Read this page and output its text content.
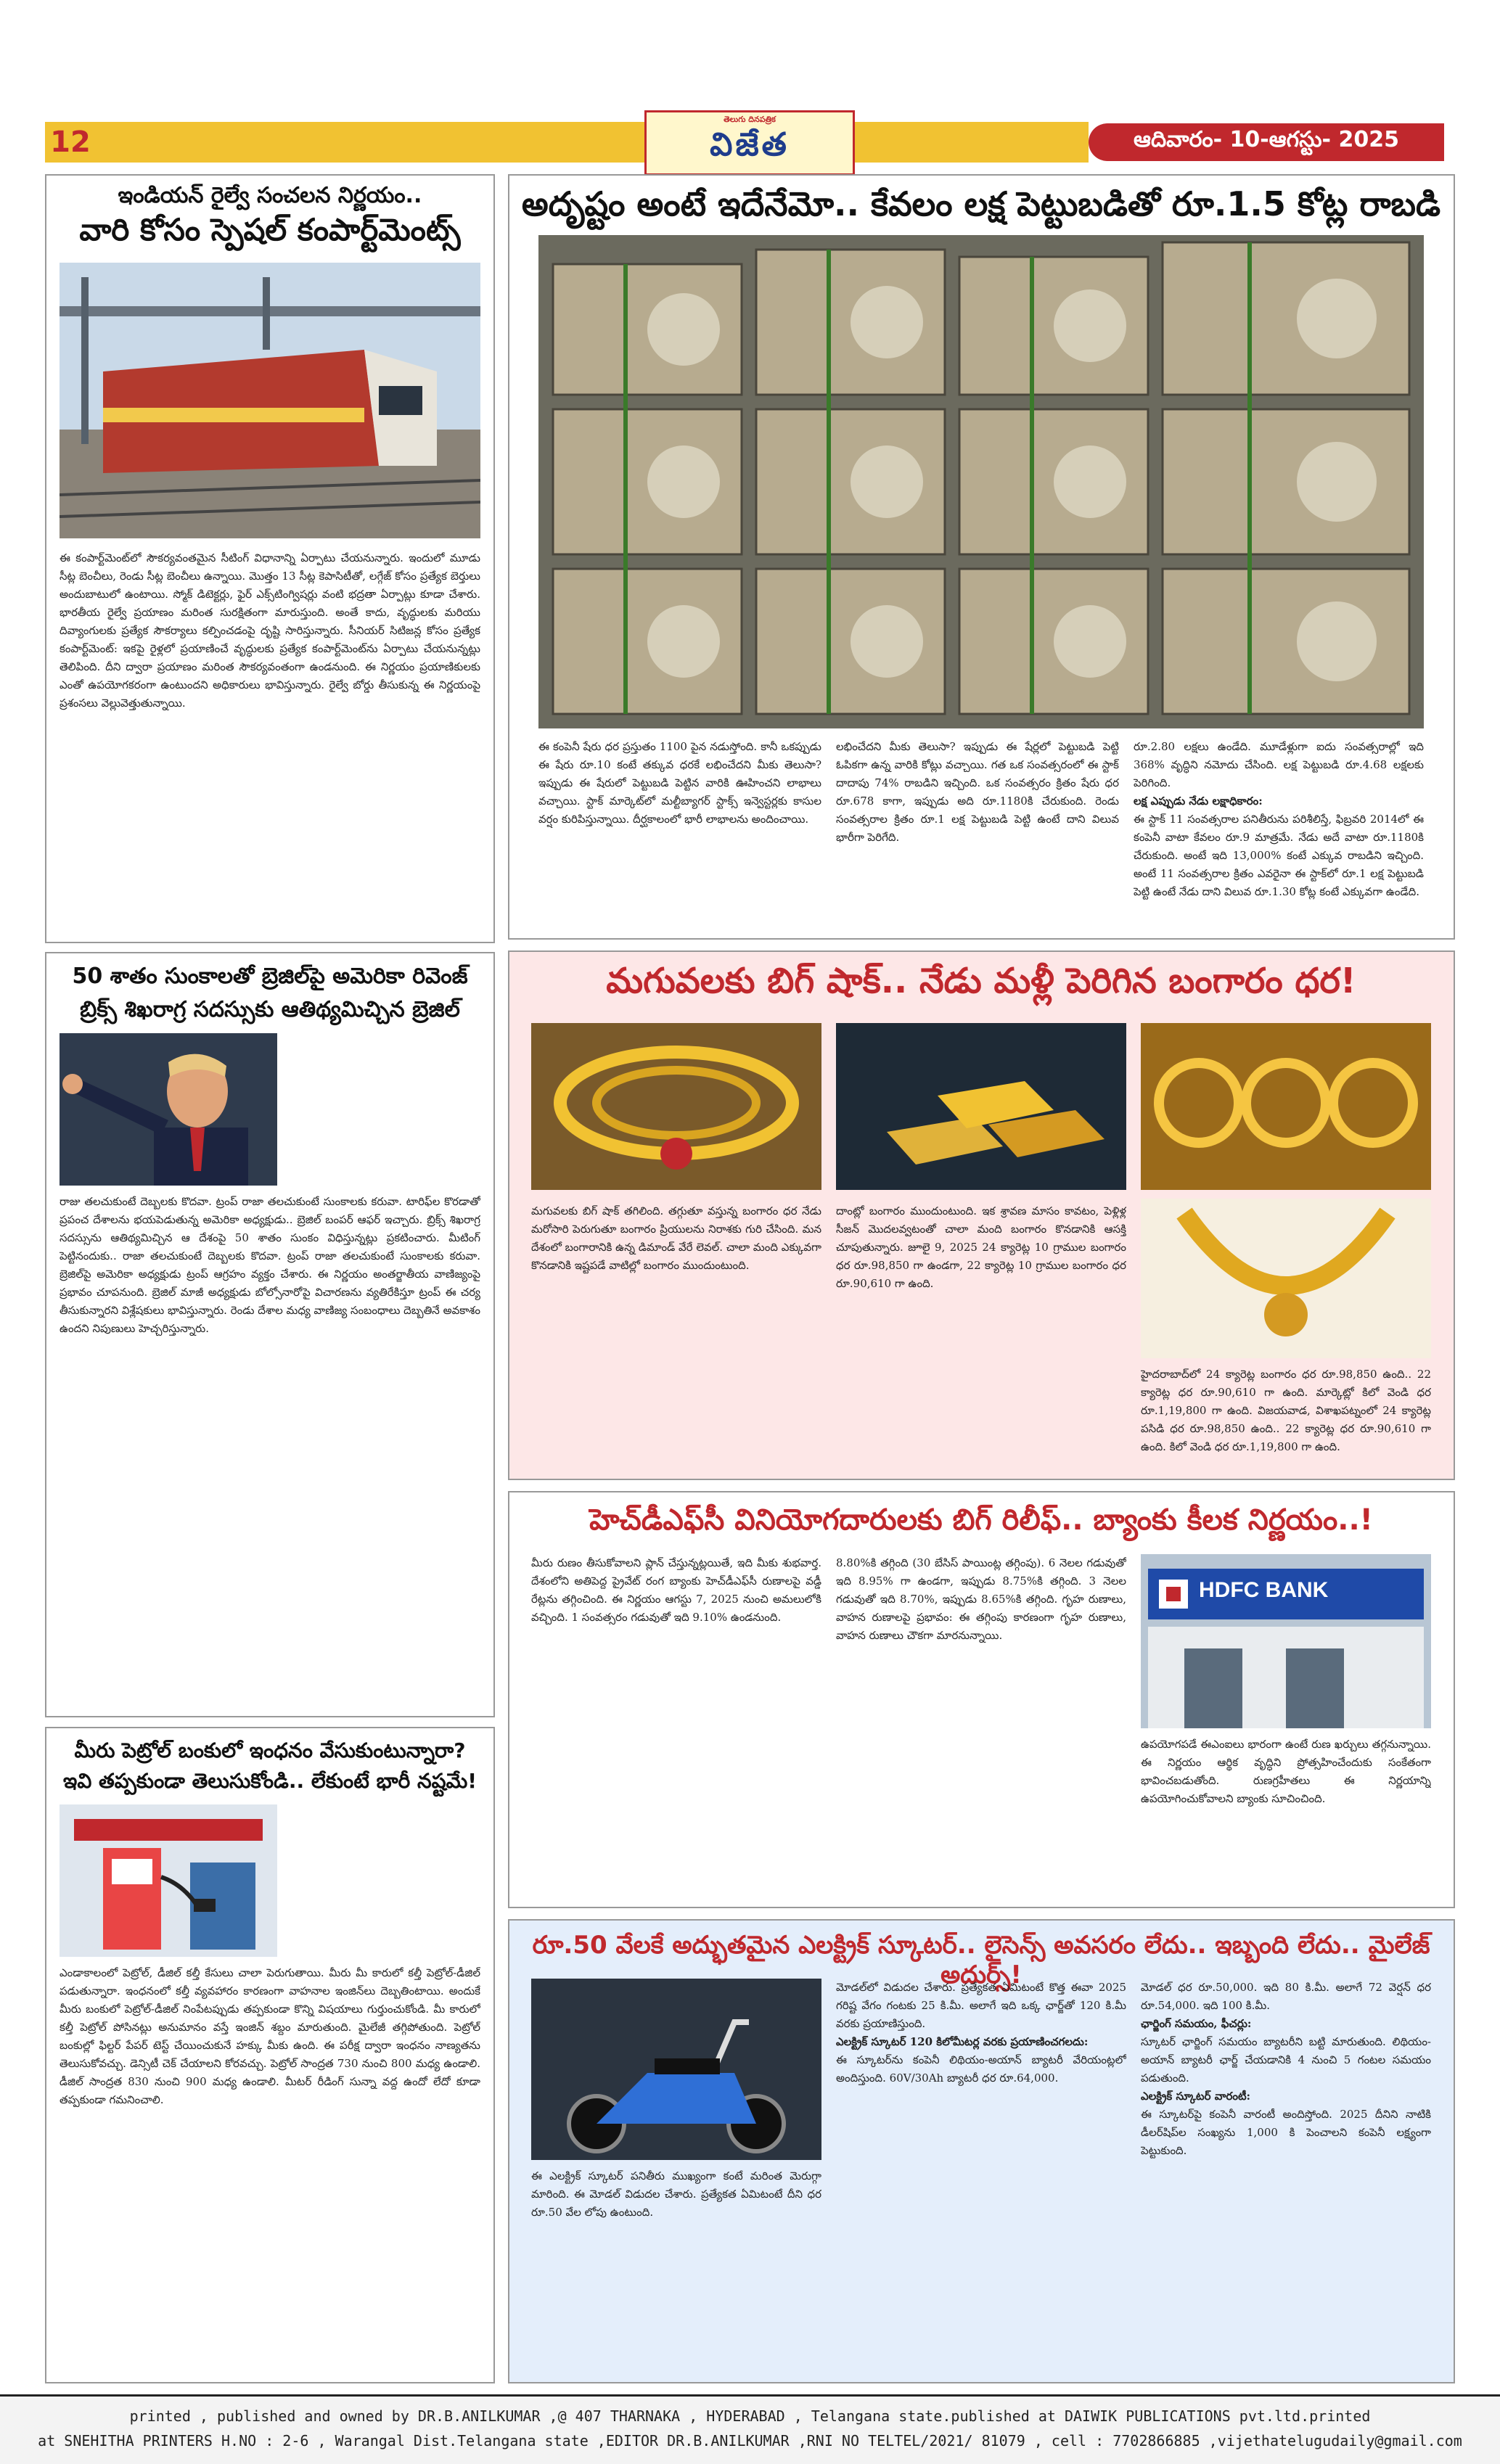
12
తెలుగు దినపత్రిక
విజేత	ఆదివారం- 10-ఆగస్టు- 2025
ఇండియన్ రైల్వే సంచలన నిర్ణయం..
వారి కోసం స్పెషల్ కంపార్ట్‌మెంట్స్
ఈ కంపార్ట్‌మెంట్‌లో సౌకర్యవంతమైన సీటింగ్ విధానాన్ని ఏర్పాటు చేయనున్నారు. ఇందులో మూడు సీట్ల బెంచీలు, రెండు సీట్ల బెంచీలు ఉన్నాయి. మొత్తం 13 సీట్ల కెపాసిటీతో, లగ్గేజ్ కోసం ప్రత్యేక బెర్తులు అందుబాటులో ఉంటాయి. స్మోక్ డిటెక్టర్లు, ఫైర్ ఎక్స్‌టింగ్విషర్లు వంటి భద్రతా ఏర్పాట్లు కూడా చేశారు. భారతీయ రైల్వే ప్రయాణం మరింత సురక్షితంగా మారుస్తుంది. అంతే కాదు, వృద్ధులకు మరియు దివ్యాంగులకు ప్రత్యేక సౌకర్యాలు కల్పించడంపై దృష్టి సారిస్తున్నారు. సీనియర్ సిటిజన్ల కోసం ప్రత్యేక కంపార్ట్‌మెంట్: ఇకపై రైళ్లలో ప్రయాణించే వృద్ధులకు ప్రత్యేక కంపార్ట్‌మెంట్‌ను ఏర్పాటు చేయనున్నట్లు తెలిపింది. దీని ద్వారా ప్రయాణం మరింత సౌకర్యవంతంగా ఉండనుంది. ఈ నిర్ణయం ప్రయాణికులకు ఎంతో ఉపయోగకరంగా ఉంటుందని అధికారులు భావిస్తున్నారు. రైల్వే బోర్డు తీసుకున్న ఈ నిర్ణయంపై ప్రశంసలు వెల్లువెత్తుతున్నాయి.
50 శాతం సుంకాలతో బ్రెజిల్‌పై అమెరికా రివెంజ్
బ్రిక్స్ శిఖరాగ్ర సదస్సుకు ఆతిథ్యమిచ్చిన బ్రెజిల్
రాజు తలచుకుంటే దెబ్బలకు కొదవా. ట్రంప్ రాజా తలచుకుంటే సుంకాలకు కరువా. టారిఫ్‌ల కొరడాతో ప్రపంచ దేశాలను భయపెడుతున్న అమెరికా అధ్యక్షుడు.. బ్రెజిల్ బంపర్‌ ఆఫర్ ఇచ్చారు. బ్రిక్స్ శిఖరాగ్ర సదస్సును ఆతిథ్యమిచ్చిన ఆ దేశంపై 50 శాతం సుంకం విధిస్తున్నట్లు ప్రకటించారు. మీటింగ్ పెట్టినందుకు.. రాజా తలచుకుంటే దెబ్బలకు కొదవా. ట్రంప్ రాజా తలచుకుంటే సుంకాలకు కరువా. బ్రెజిల్‌పై అమెరికా అధ్యక్షుడు ట్రంప్ ఆగ్రహం వ్యక్తం చేశారు. ఈ నిర్ణయం అంతర్జాతీయ వాణిజ్యంపై ప్రభావం చూపనుంది. బ్రెజిల్ మాజీ అధ్యక్షుడు బోల్సోనారోపై విచారణను వ్యతిరేకిస్తూ ట్రంప్ ఈ చర్య తీసుకున్నారని విశ్లేషకులు భావిస్తున్నారు. రెండు దేశాల మధ్య వాణిజ్య సంబంధాలు దెబ్బతినే అవకాశం ఉందని నిపుణులు హెచ్చరిస్తున్నారు.
మీరు పెట్రోల్ బంకులో ఇంధనం వేసుకుంటున్నారా?
ఇవి తప్పకుండా తెలుసుకోండి.. లేకుంటే భారీ నష్టమే!
ఎండాకాలంలో పెట్రోల్, డీజిల్ కల్తీ కేసులు చాలా పెరుగుతాయి. మీరు మీ కారులో కల్తీ పెట్రోల్-డీజిల్ పడుతున్నారా. ఇంధనంలో కల్తీ వ్యవహారం కారణంగా వాహనాల ఇంజిన్‌లు దెబ్బతింటాయి. అందుకే మీరు బంకులో పెట్రోల్-డీజిల్ నింపేటప్పుడు తప్పకుండా కొన్ని విషయాలు గుర్తుంచుకోండి. మీ కారులో కల్తీ పెట్రోల్ పోసినట్లు అనుమానం వస్తే ఇంజిన్ శబ్దం మారుతుంది. మైలేజీ తగ్గిపోతుంది. పెట్రోల్ బంకుల్లో ఫిల్టర్ పేపర్ టెస్ట్ చేయించుకునే హక్కు మీకు ఉంది. ఈ పరీక్ష ద్వారా ఇంధనం నాణ్యతను తెలుసుకోవచ్చు. డెన్సిటీ చెక్ చేయాలని కోరవచ్చు. పెట్రోల్ సాంద్రత 730 నుంచి 800 మధ్య ఉండాలి. డీజిల్ సాంద్రత 830 నుంచి 900 మధ్య ఉండాలి. మీటర్ రీడింగ్ సున్నా వద్ద ఉందో లేదో కూడా తప్పకుండా గమనించాలి.
అదృష్టం అంటే ఇదేనేమో.. కేవలం లక్ష పెట్టుబడితో రూ.1.5 కోట్ల రాబడి
ఈ కంపెనీ షేరు ధర ప్రస్తుతం 1100 పైన నడుస్తోంది. కానీ ఒకప్పుడు ఈ షేరు రూ.10 కంటే తక్కువ ధరకే లభించేదని మీకు తెలుసా? ఇప్పుడు ఈ షేరులో పెట్టుబడి పెట్టిన వారికి ఊహించని లాభాలు వచ్చాయి. స్టాక్ మార్కెట్‌లో మల్టీబ్యాగర్ స్టాక్స్ ఇన్వెస్టర్లకు కాసుల వర్షం కురిపిస్తున్నాయి. దీర్ఘకాలంలో భారీ లాభాలను అందించాయి.
లభించేదని మీకు తెలుసా? ఇప్పుడు ఈ షేర్లలో పెట్టుబడి పెట్టి ఓపికగా ఉన్న వారికి కోట్లు వచ్చాయి. గత ఒక సంవత్సరంలో ఈ స్టాక్ దాదాపు 74% రాబడిని ఇచ్చింది. ఒక సంవత్సరం క్రితం షేరు ధర రూ.678 కాగా, ఇప్పుడు అది రూ.1180కి చేరుకుంది. రెండు సంవత్సరాల క్రితం రూ.1 లక్ష పెట్టుబడి పెట్టి ఉంటే దాని విలువ భారీగా పెరిగేది.
రూ.2.80 లక్షలు ఉండేది. మూడేళ్లుగా ఐదు సంవత్సరాల్లో ఇది 368% వృద్ధిని నమోదు చేసింది. లక్ష పెట్టుబడి రూ.4.68 లక్షలకు పెరిగింది.
లక్ష ఎప్పుడు నేడు లక్షాధికారం:
ఈ స్టాక్ 11 సంవత్సరాల పనితీరును పరిశీలిస్తే, ఫిబ్రవరి 2014లో ఈ కంపెనీ వాటా కేవలం రూ.9 మాత్రమే. నేడు అదే వాటా రూ.1180కి చేరుకుంది. అంటే ఇది 13,000% కంటే ఎక్కువ రాబడిని ఇచ్చింది. అంటే 11 సంవత్సరాల క్రితం ఎవరైనా ఈ స్టాక్‌లో రూ.1 లక్ష పెట్టుబడి పెట్టి ఉంటే నేడు దాని విలువ రూ.1.30 కోట్ల కంటే ఎక్కువగా ఉండేది.
మగువలకు బిగ్ షాక్.. నేడు మళ్లీ పెరిగిన బంగారం ధర!
మగువలకు బిగ్ షాక్ తగిలింది. తగ్గుతూ వస్తున్న బంగారం ధర నేడు మరోసారి పెరుగుతూ బంగారం ప్రియులను నిరాశకు గురి చేసింది. మన దేశంలో బంగారానికి ఉన్న డిమాండ్ వేరే లెవల్. చాలా మంది ఎక్కువగా కొనడానికి ఇష్టపడే వాటిల్లో బంగారం ముందుంటుంది.
దాంట్లో బంగారం ముందుంటుంది. ఇక శ్రావణ మాసం కావటం, పెళ్లిళ్ల సీజన్ మొదలవ్వటంతో చాలా మంది బంగారం కొనడానికి ఆసక్తి చూపుతున్నారు. జూలై 9, 2025 24 క్యారెట్ల 10 గ్రాముల బంగారం ధర రూ.98,850 గా ఉండగా, 22 క్యారెట్ల 10 గ్రాముల బంగారం ధర రూ.90,610 గా ఉంది.
హైదరాబాద్‌లో 24 క్యారెట్ల బంగారం ధర రూ.98,850 ఉంది.. 22 క్యారెట్ల ధర రూ.90,610 గా ఉంది. మార్కెట్లో కిలో వెండి ధర రూ.1,19,800 గా ఉంది. విజయవాడ, విశాఖపట్నంలో 24 క్యారెట్ల పసిడి ధర రూ.98,850 ఉంది.. 22 క్యారెట్ల ధర రూ.90,610 గా ఉంది. కిలో వెండి ధర రూ.1,19,800 గా ఉంది.
హెచ్‌డీఎఫ్‌సీ వినియోగదారులకు బిగ్ రిలీఫ్.. బ్యాంకు కీలక నిర్ణయం..!
మీరు రుణం తీసుకోవాలని ప్లాన్ చేస్తున్నట్లయితే, ఇది మీకు శుభవార్త. దేశంలోని అతిపెద్ద ప్రైవేట్ రంగ బ్యాంకు హెచ్‌డీఎఫ్‌సీ రుణాలపై వడ్డీ రేట్లను తగ్గించింది. ఈ నిర్ణయం ఆగస్టు 7, 2025 నుంచి అమలులోకి వచ్చింది. 1 సంవత్సరం గడువుతో ఇది 9.10% ఉండనుంది.
8.80%కి తగ్గింది (30 బేసిస్ పాయింట్ల తగ్గింపు). 6 నెలల గడువుతో ఇది 8.95% గా ఉండగా, ఇప్పుడు 8.75%కి తగ్గింది. 3 నెలల గడువుతో ఇది 8.70%, ఇప్పుడు 8.65%కి తగ్గింది. గృహ రుణాలు, వాహన రుణాలపై ప్రభావం: ఈ తగ్గింపు కారణంగా గృహ రుణాలు, వాహన రుణాలు చౌకగా మారనున్నాయి.
HDFC BANK
ఉపయోగపడే ఈఎంఐలు భారంగా ఉంటే రుణ ఖర్చులు తగ్గనున్నాయి. ఈ నిర్ణయం ఆర్థిక వృద్ధిని ప్రోత్సహించేందుకు సంకేతంగా భావించబడుతోంది. రుణగ్రహీతలు ఈ నిర్ణయాన్ని ఉపయోగించుకోవాలని బ్యాంకు సూచించింది.
రూ.50 వేలకే అద్భుతమైన ఎలక్ట్రిక్ స్కూటర్.. లైసెన్స్ అవసరం లేదు.. ఇబ్బంది లేదు.. మైలేజ్ అదుర్స్!
ఈ ఎలక్ట్రిక్ స్కూటర్ పనితీరు ముఖ్యంగా కంటే మరింత మెరుగ్గా మారింది. ఈ మోడల్ విడుదల చేశారు. ప్రత్యేకత ఏమిటంటే దీని ధర రూ.50 వేల లోపు ఉంటుంది.
మోడల్‌లో విడుదల చేశారు. ప్రత్యేకత ఏమిటంటే కొత్త ఈవా 2025 గరిష్ట వేగం గంటకు 25 కి.మీ. అలాగే ఇది ఒక్క ఛార్జ్‌తో 120 కి.మీ వరకు ప్రయాణిస్తుంది.
ఎలక్ట్రిక్ స్కూటర్ 120 కిలోమీటర్ల వరకు ప్రయాణించగలదు:
ఈ స్కూటర్‌ను కంపెనీ లిథియం-అయాన్ బ్యాటరీ వేరియంట్లలో అందిస్తుంది. 60V/30Ah బ్యాటరీ ధర రూ.64,000.
మోడల్ ధర రూ.50,000. ఇది 80 కి.మీ. అలాగే 72 వెర్షన్ ధర రూ.54,000. ఇది 100 కి.మీ.
ఛార్జింగ్ సమయం, ఫీచర్లు:
స్కూటర్ ఛార్జింగ్ సమయం బ్యాటరీని బట్టి మారుతుంది. లిథియం-అయాన్ బ్యాటరీ ఛార్జ్ చేయడానికి 4 నుంచి 5 గంటల సమయం పడుతుంది.
ఎలక్ట్రిక్ స్కూటర్ వారంటీ:
ఈ స్కూటర్‌పై కంపెనీ వారంటీ అందిస్తోంది. 2025 దీనిని నాటికి డీలర్‌షిప్‌ల సంఖ్యను 1,000 కి పెంచాలని కంపెనీ లక్ష్యంగా పెట్టుకుంది.
printed , published and owned by DR.B.ANILKUMAR ,@ 407 THARNAKA , HYDERABAD , Telangana state.published at DAIWIK PUBLICATIONS pvt.ltd.printed
at SNEHITHA PRINTERS H.NO : 2-6 , Warangal Dist.Telangana state ,EDITOR DR.B.ANILKUMAR ,RNI NO TELTEL/2021/ 81079 , cell : 7702866885 ,vijethatelugudaily@gmail.com
